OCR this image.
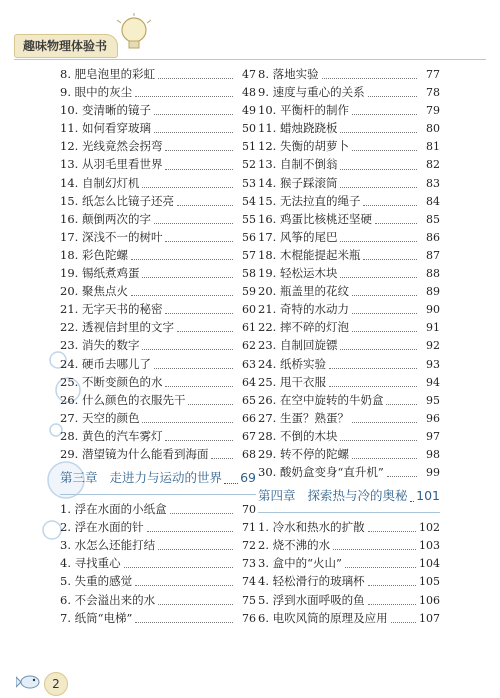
趣味物理体验书
8. 肥皂泡里的彩虹	47
9. 眼中的灰尘	48
10. 变清晰的镜子	49
11. 如何看穿玻璃	50
12. 光线竟然会拐弯	51
13. 从羽毛里看世界	52
14. 自制幻灯机	53
15. 纸怎么比镜子还亮	54
16. 颠倒两次的字	55
17. 深浅不一的树叶	56
18. 彩色陀螺	57
19. 锡纸煮鸡蛋	58
20. 聚焦点火	59
21. 无字天书的秘密	60
22. 透视信封里的文字	61
23. 消失的数字	62
24. 硬币去哪儿了	63
25. 不断变颜色的水	64
26. 什么颜色的衣服先干	65
27. 天空的颜色	66
28. 黄色的汽车雾灯	67
29. 潜望镜为什么能看到海面	68
第三章 走进力与运动的世界 69
1. 浮在水面的小纸盒	70
2. 浮在水面的针	71
3. 水怎么还能打结	72
4. 寻找重心	73
5. 失重的感觉	74
6. 不会溢出来的水	75
7. 纸筒“电梯”	76
8. 落地实验	77
9. 速度与重心的关系	78
10. 平衡杆的制作	79
11. 蜡烛跷跷板	80
12. 失衡的胡萝卜	81
13. 自制不倒翁	82
14. 猴子踩滚筒	83
15. 无法拉直的绳子	84
16. 鸡蛋比核桃还坚硬	85
17. 风筝的尾巴	86
18. 木棍能提起米瓶	87
19. 轻松运木块	88
20. 瓶盖里的花纹	89
21. 奇特的水动力	90
22. 摔不碎的灯泡	91
23. 自制回旋镖	92
24. 纸桥实验	93
25. 甩干衣服	94
26. 在空中旋转的牛奶盒	95
27. 生蛋？熟蛋？	96
28. 不倒的木块	97
29. 转不停的陀螺	98
30. 酸奶盒变身“直升机”	99
第四章 探索热与冷的奥秘 101
1. 冷水和热水的扩散	102
2. 烧不沸的水	103
3. 盒中的“火山”	104
4. 轻松滑行的玻璃杯	105
5. 浮到水面呼吸的鱼	106
6. 电吹风筒的原理及应用	107
2
